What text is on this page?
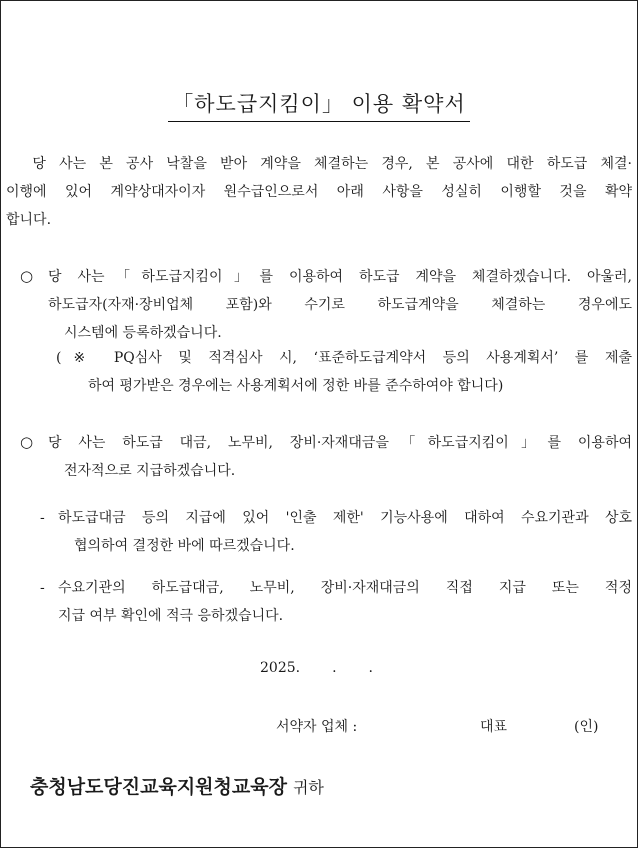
「하도급지킴이」 이용 확약서
당 사는 본 공사 낙찰을 받아 계약을 체결하는 경우, 본 공사에 대한 하도급 체결·
이행에 있어 계약상대자이자 원수급인으로서 아래 사항을 성실히 이행할 것을 확약
합니다.
○ 당 사는「하도급지킴이」를 이용하여 하도급 계약을 체결하겠습니다. 아울러,
하도급자(자재·장비업체 포함)와 수기로 하도급계약을 체결하는 경우에도
시스템에 등록하겠습니다.
(※ PQ심사 및 적격심사 시, ‘표준하도급계약서 등의 사용계획서’ 를 제출
하여 평가받은 경우에는 사용계획서에 정한 바를 준수하여야 합니다)
○ 당 사는 하도급 대금, 노무비, 장비·자재대금을「하도급지킴이」를 이용하여
전자적으로 지급하겠습니다.
- 하도급대금 등의 지급에 있어 '인출 제한' 기능사용에 대하여 수요기관과 상호
협의하여 결정한 바에 따르겠습니다.
- 수요기관의 하도급대금, 노무비, 장비·자재대금의 직접 지급 또는 적정
지급 여부 확인에 적극 응하겠습니다.
2025. . .
서약자 업체 :	대표	(인)
충청남도당진교육지원청교육장 귀하
